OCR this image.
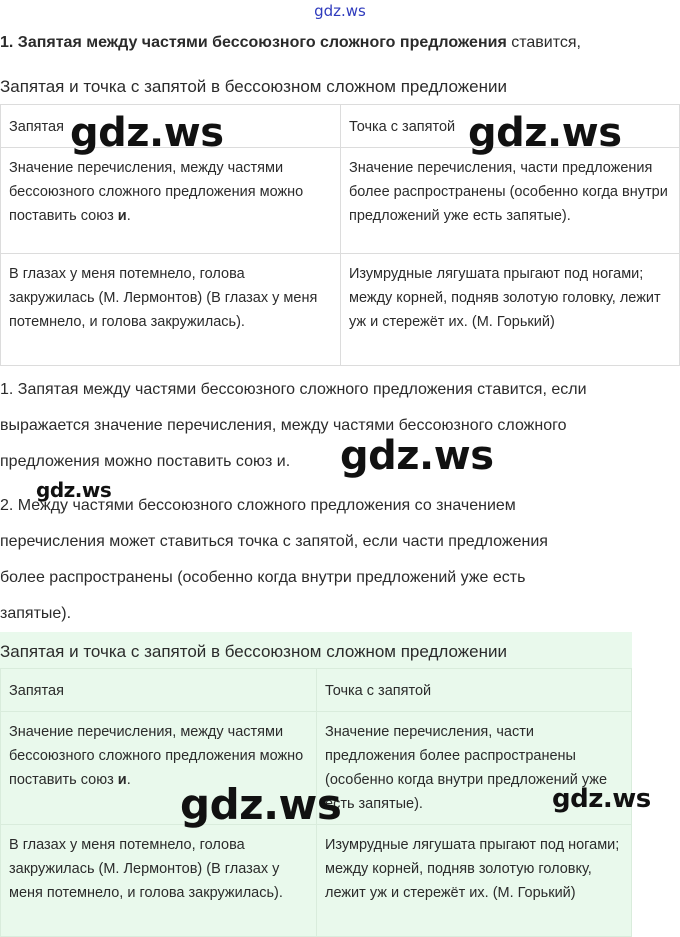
gdz.ws
1. Запятая между частями бессоюзного сложного предложения ставится,
Запятая и точка с запятой в бессоюзном сложном предложении
Запятая	Точка с запятой
Значение перечисления, между частями бессоюзного сложного предложения можно поставить союз и.	Значение перечисления, части предложения более распространены (особенно когда внутри предложений уже есть запятые).
В глазах у меня потемнело, голова закружилась (М. Лермонтов) (В глазах у меня потемнело, и голова закружилась).	Изумрудные лягушата прыгают под ногами; между корней, подняв золотую головку, лежит уж и стережёт их. (М. Горький)
1. Запятая между частями бессоюзного сложного предложения ставится, если
выражается значение перечисления, между частями бессоюзного сложного
предложения можно поставить союз и.
2. Между частями бессоюзного сложного предложения со значением
перечисления может ставиться точка с запятой, если части предложения
более распространены (особенно когда внутри предложений уже есть
запятые).
Запятая и точка с запятой в бессоюзном сложном предложении
Запятая	Точка с запятой
Значение перечисления, между частями бессоюзного сложного предложения можно поставить союз и.	Значение перечисления, части предложения более распространены (особенно когда внутри предложений уже есть запятые).
В глазах у меня потемнело, голова закружилась (М. Лермонтов) (В глазах у меня потемнело, и голова закружилась).	Изумрудные лягушата прыгают под ногами; между корней, подняв золотую головку, лежит уж и стережёт их. (М. Горький)
gdz.ws	gdz.ws
gdz.ws
gdz.ws
gdz.ws	gdz.ws
